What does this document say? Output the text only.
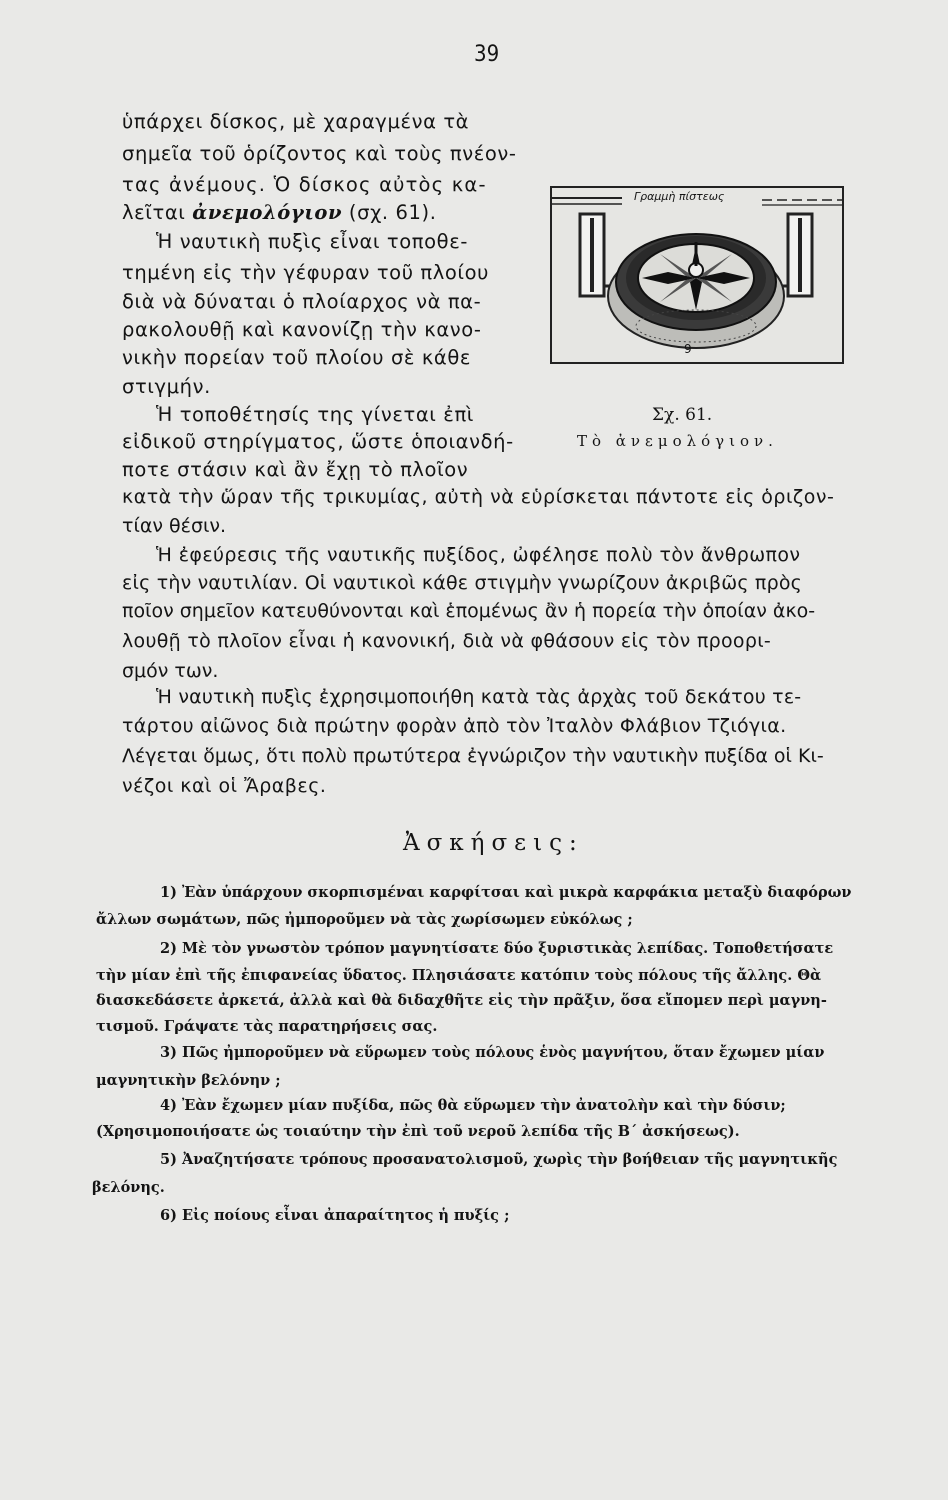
39
ὑπάρχει δίσκος, μὲ χαραγμένα τὰ
σημεῖα τοῦ ὁρίζοντος καὶ τοὺς πνέον-
τας ἀνέμους. Ὁ δίσκος αὐτὸς κα-
λεῖται ἀνεμολόγιον (σχ. 61).
Ἡ ναυτικὴ πυξὶς εἶναι τοποθε-
τημένη εἰς τὴν γέφυραν τοῦ πλοίου
διὰ νὰ δύναται ὁ πλοίαρχος νὰ πα-
ρακολουθῇ καὶ κανονίζῃ τὴν κανο-
νικὴν πορείαν τοῦ πλοίου σὲ κάθε
στιγμήν.
Ἡ τοποθέτησίς της γίνεται ἐπὶ
εἰδικοῦ στηρίγματος, ὥστε ὁποιανδή-
ποτε στάσιν καὶ ἂν ἔχῃ τὸ πλοῖον
κατὰ τὴν ὥραν τῆς τρικυμίας, αὐτὴ νὰ εὑρίσκεται πάντοτε εἰς ὁριζον-
τίαν θέσιν.
Ἡ ἐφεύρεσις τῆς ναυτικῆς πυξίδος, ὠφέλησε πολὺ τὸν ἄνθρωπον
εἰς τὴν ναυτιλίαν. Οἱ ναυτικοὶ κάθε στιγμὴν γνωρίζουν ἀκριβῶς πρὸς
ποῖον σημεῖον κατευθύνονται καὶ ἑπομένως ἂν ἡ πορεία τὴν ὁποίαν ἀκο-
λουθῇ τὸ πλοῖον εἶναι ἡ κανονική, διὰ νὰ φθάσουν εἰς τὸν προορι-
σμόν των.
Ἡ ναυτικὴ πυξὶς ἐχρησιμοποιήθη κατὰ τὰς ἀρχὰς τοῦ δεκάτου τε-
τάρτου αἰῶνος διὰ πρώτην φορὰν ἀπὸ τὸν Ἰταλὸν Φλάβιον Τζιόγια.
Λέγεται ὅμως, ὅτι πολὺ πρωτύτερα ἐγνώριζον τὴν ναυτικὴν πυξίδα οἱ Κι-
νέζοι καὶ οἱ Ἄραβες.
Γραμμὴ πίστεως
9
Σχ. 61.
Τὸ ἀνεμολόγιον.
Ἀσκήσεις:
1) Ἐὰν ὑπάρχουν σκορπισμέναι καρφίτσαι καὶ μικρὰ καρφάκια μεταξὺ διαφόρων
ἄλλων σωμάτων, πῶς ἠμποροῦμεν νὰ τὰς χωρίσωμεν εὐκόλως ;
2) Μὲ τὸν γνωστὸν τρόπον μαγνητίσατε δύο ξυριστικὰς λεπίδας. Τοποθετήσατε
τὴν μίαν ἐπὶ τῆς ἐπιφανείας ὕδατος. Πλησιάσατε κατόπιν τοὺς πόλους τῆς ἄλλης. Θὰ
διασκεδάσετε ἀρκετά, ἀλλὰ καὶ θὰ διδαχθῆτε εἰς τὴν πρᾶξιν, ὅσα εἴπομεν περὶ μαγνη-
τισμοῦ. Γράψατε τὰς παρατηρήσεις σας.
3) Πῶς ἠμποροῦμεν νὰ εὕρωμεν τοὺς πόλους ἑνὸς μαγνήτου, ὅταν ἔχωμεν μίαν
μαγνητικὴν βελόνην ;
4) Ἐὰν ἔχωμεν μίαν πυξίδα, πῶς θὰ εὕρωμεν τὴν ἀνατολὴν καὶ τὴν δύσιν;
(Χρησιμοποιήσατε ὡς τοιαύτην τὴν ἐπὶ τοῦ νεροῦ λεπίδα τῆς Β΄ ἀσκήσεως).
5) Ἀναζητήσατε τρόπους προσανατολισμοῦ, χωρὶς τὴν βοήθειαν τῆς μαγνητικῆς
βελόνης.
6) Εἰς ποίους εἶναι ἀπαραίτητος ἡ πυξίς ;
